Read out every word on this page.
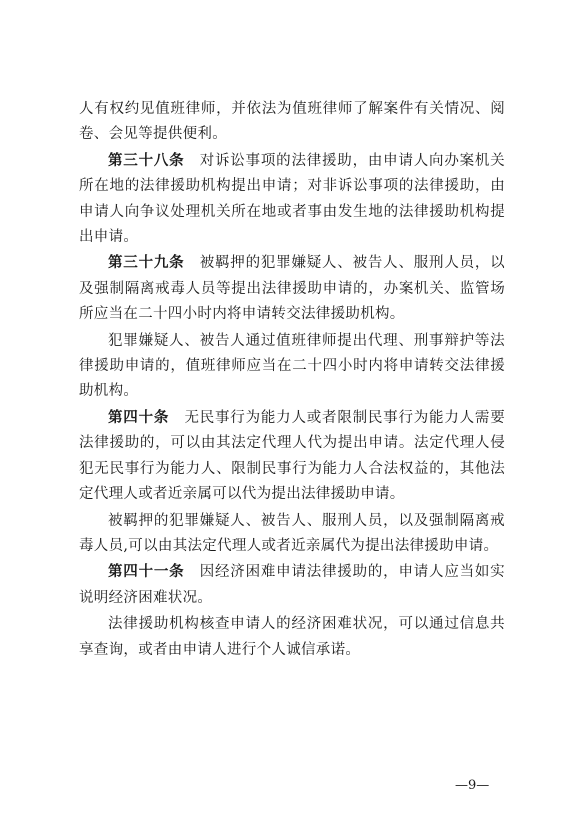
人有权约见值班律师，并依法为值班律师了解案件有关情况、阅卷、会见等提供便利。

第三十八条　对诉讼事项的法律援助，由申请人向办案机关所在地的法律援助机构提出申请；对非诉讼事项的法律援助，由申请人向争议处理机关所在地或者事由发生地的法律援助机构提出申请。

第三十九条　被羁押的犯罪嫌疑人、被告人、服刑人员，以及强制隔离戒毒人员等提出法律援助申请的，办案机关、监管场所应当在二十四小时内将申请转交法律援助机构。

犯罪嫌疑人、被告人通过值班律师提出代理、刑事辩护等法律援助申请的，值班律师应当在二十四小时内将申请转交法律援助机构。

第四十条　无民事行为能力人或者限制民事行为能力人需要法律援助的，可以由其法定代理人代为提出申请。法定代理人侵犯无民事行为能力人、限制民事行为能力人合法权益的，其他法定代理人或者近亲属可以代为提出法律援助申请。

被羁押的犯罪嫌疑人、被告人、服刑人员，以及强制隔离戒毒人员,可以由其法定代理人或者近亲属代为提出法律援助申请。

第四十一条　因经济困难申请法律援助的，申请人应当如实说明经济困难状况。

法律援助机构核查申请人的经济困难状况，可以通过信息共享查询，或者由申请人进行个人诚信承诺。

—9—
